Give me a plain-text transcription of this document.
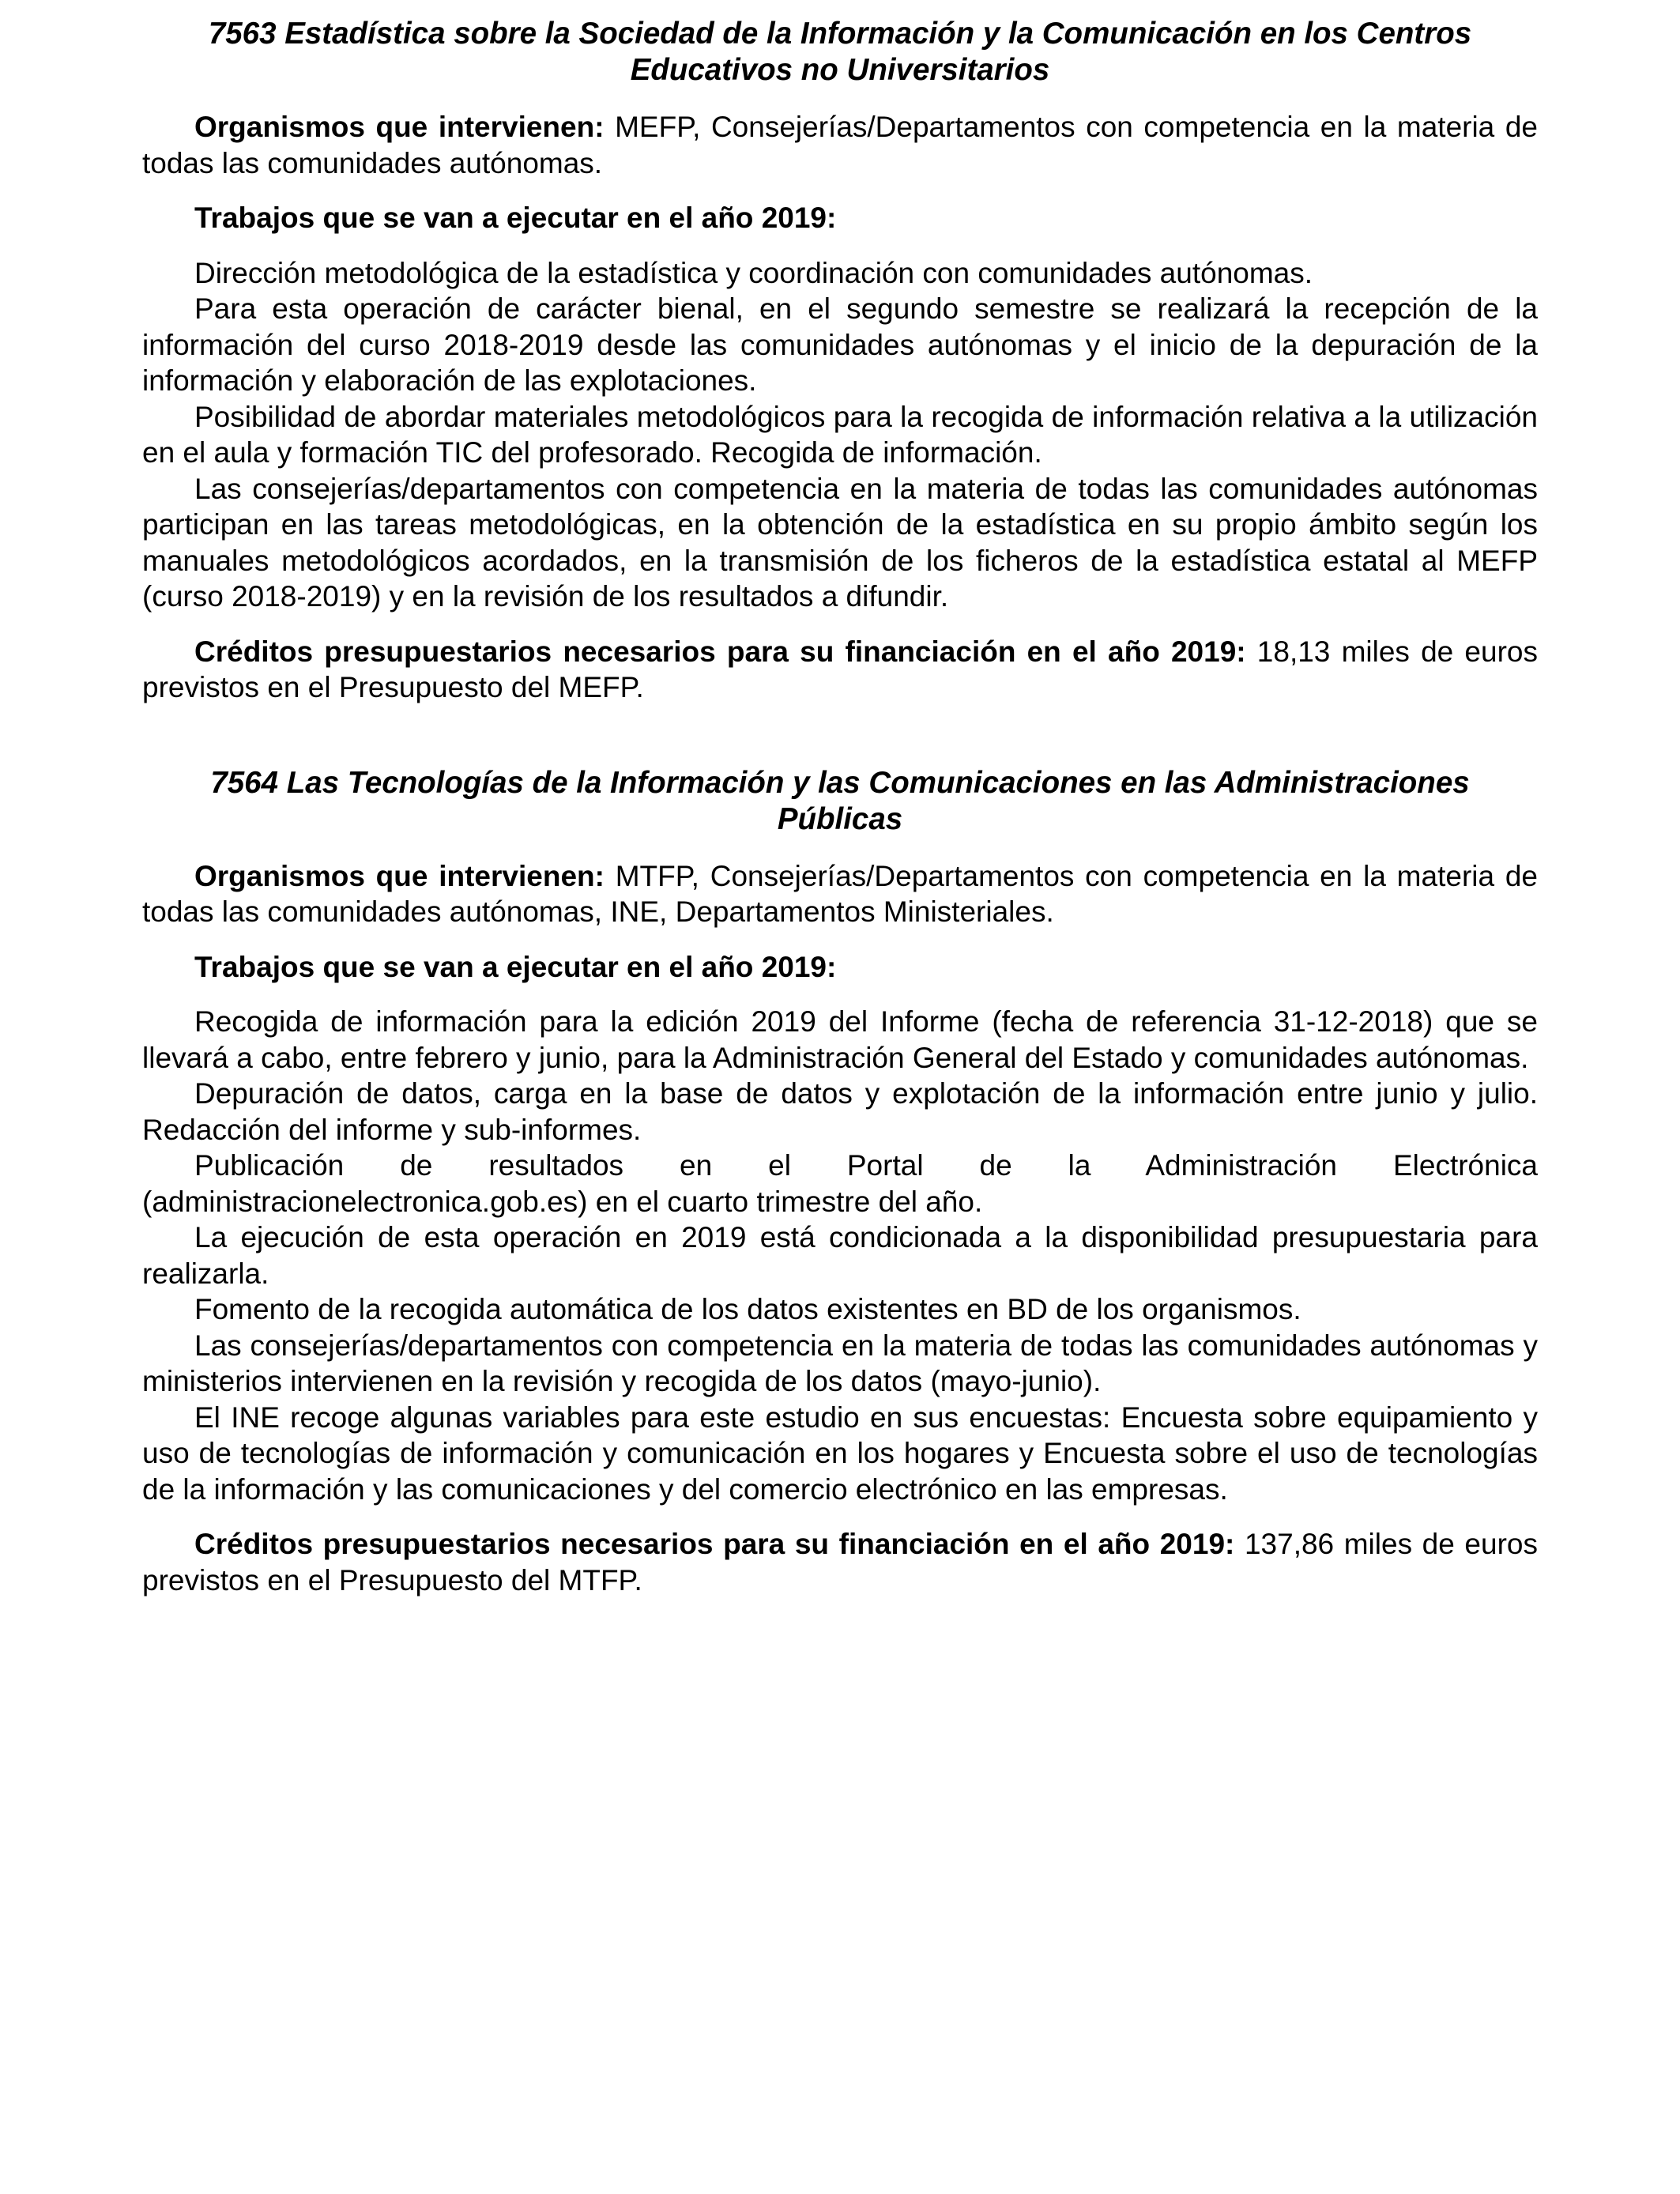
7563 Estadística sobre la Sociedad de la Información y la Comunicación en los Centros Educativos no Universitarios

Organismos que intervienen: MEFP, Consejerías/Departamentos con competencia en la materia de todas las comunidades autónomas.

Trabajos que se van a ejecutar en el año 2019:

Dirección metodológica de la estadística y coordinación con comunidades autónomas.

Para esta operación de carácter bienal, en el segundo semestre se realizará la recepción de la información del curso 2018-2019 desde las comunidades autónomas y el inicio de la depuración de la información y elaboración de las explotaciones.

Posibilidad de abordar materiales metodológicos para la recogida de información relativa a la utilización en el aula y formación TIC del profesorado. Recogida de información.

Las consejerías/departamentos con competencia en la materia de todas las comunidades autónomas participan en las tareas metodológicas, en la obtención de la estadística en su propio ámbito según los manuales metodológicos acordados, en la transmisión de los ficheros de la estadística estatal al MEFP (curso 2018-2019) y en la revisión de los resultados a difundir.

Créditos presupuestarios necesarios para su financiación en el año 2019: 18,13 miles de euros previstos en el Presupuesto del MEFP.

7564 Las Tecnologías de la Información y las Comunicaciones en las Administraciones Públicas

Organismos que intervienen: MTFP, Consejerías/Departamentos con competencia en la materia de todas las comunidades autónomas, INE, Departamentos Ministeriales.

Trabajos que se van a ejecutar en el año 2019:

Recogida de información para la edición 2019 del Informe (fecha de referencia 31-12-2018) que se llevará a cabo, entre febrero y junio, para la Administración General del Estado y comunidades autónomas.

Depuración de datos, carga en la base de datos y explotación de la información entre junio y julio. Redacción del informe y sub-informes.

Publicación de resultados en el Portal de la Administración Electrónica (administracionelectronica.gob.es) en el cuarto trimestre del año.

La ejecución de esta operación en 2019 está condicionada a la disponibilidad presupuestaria para realizarla.

Fomento de la recogida automática de los datos existentes en BD de los organismos.

Las consejerías/departamentos con competencia en la materia de todas las comunidades autónomas y ministerios intervienen en la revisión y recogida de los datos (mayo-junio).

El INE recoge algunas variables para este estudio en sus encuestas: Encuesta sobre equipamiento y uso de tecnologías de información y comunicación en los hogares y Encuesta sobre el uso de tecnologías de la información y las comunicaciones y del comercio electrónico en las empresas.

Créditos presupuestarios necesarios para su financiación en el año 2019: 137,86 miles de euros previstos en el Presupuesto del MTFP.
